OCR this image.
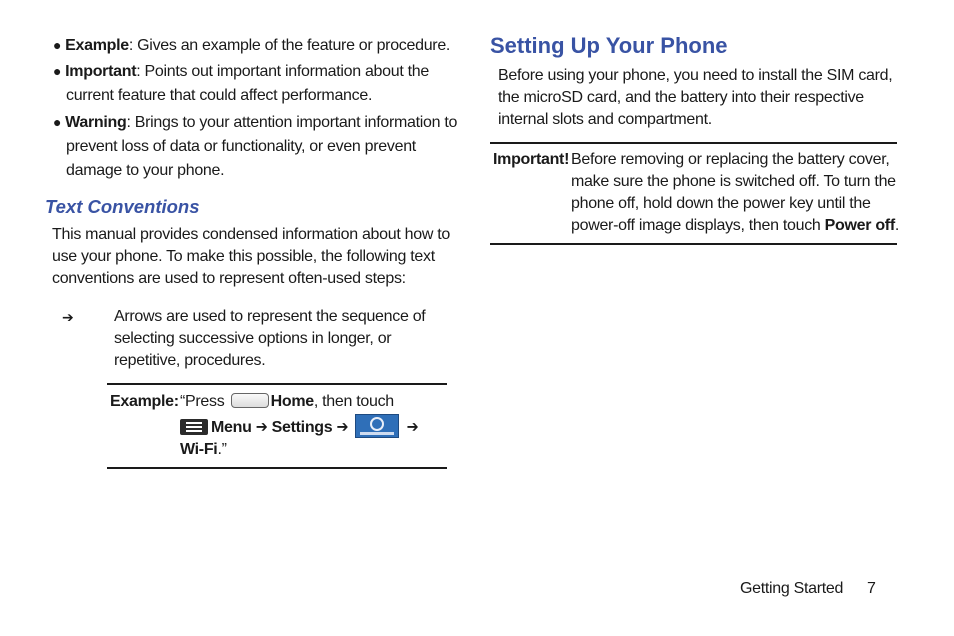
● Example: Gives an example of the feature or procedure.
● Important: Points out important information about the
current feature that could affect performance.
● Warning: Brings to your attention important information to
prevent loss of data or functionality, or even prevent
damage to your phone.
Text Conventions
This manual provides condensed information about how to
use your phone. To make this possible, the following text
conventions are used to represent often-used steps:
➔	Arrows are used to represent the sequence of
selecting successive options in longer, or
repetitive, procedures.
Example: “Press	Home, then touch
Menu ➔ Settings ➔	➔
Wi-Fi.”
Setting Up Your Phone
Before using your phone, you need to install the SIM card,
the microSD card, and the battery into their respective
internal slots and compartment.
Important! Before removing or replacing the battery cover,
make sure the phone is switched off. To turn the
phone off, hold down the power key until the
power-off image displays, then touch Power off.
Getting Started 7
